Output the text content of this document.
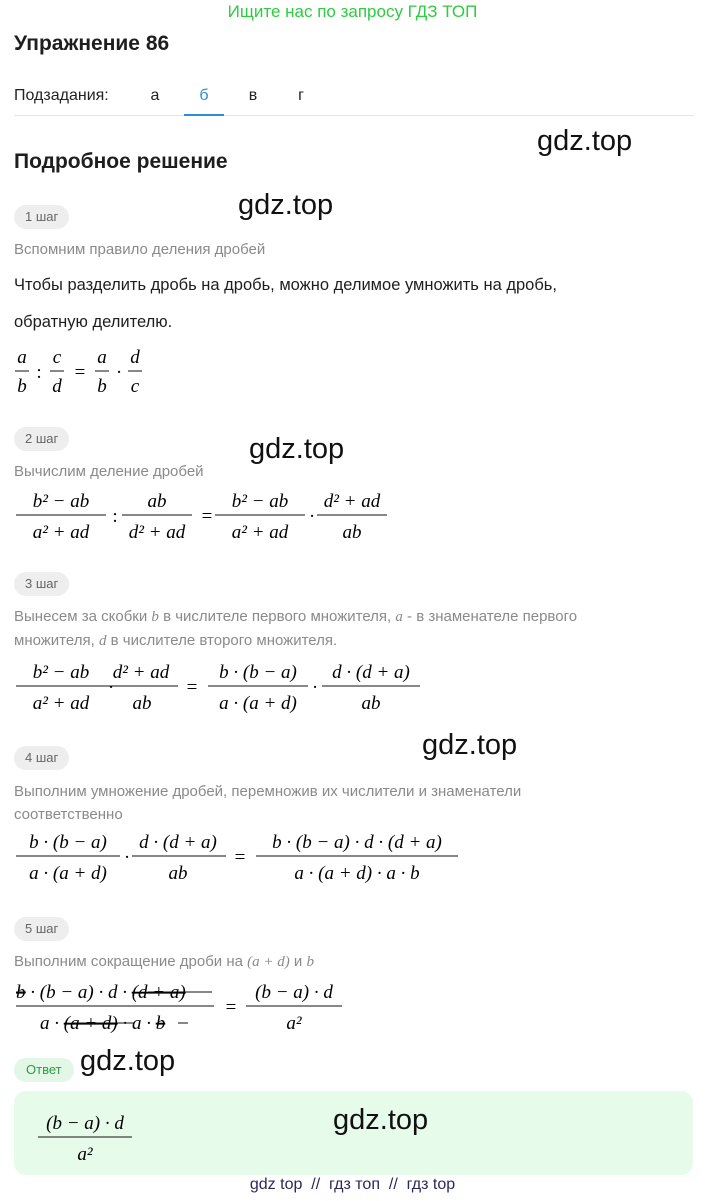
Ищите нас по запросу ГДЗ ТОП
Упражнение 86
Подзадания:	а	б	в	г
gdz.top
Подробное решение
gdz.top
1 шаг
Вспомним правило деления дробей
Чтобы разделить дробь на дробь, можно делимое умножить на дробь,
обратную делителю.
a
b
:
c
d
=
a
b
·
d
c
2 шаг	gdz.top
Вычислим деление дробей
b² − ab
a² + ad
:
ab
d² + ad
=
b² − ab
a² + ad
·
d² + ad
ab
3 шаг
Вынесем за скобки b в числителе первого множителя, a - в знаменателе первого множителя, d в числителе второго множителя.
b² − ab
a² + ad
·
d² + ad
ab
=
b · (b − a)
a · (a + d)
·
d · (d + a)
ab
gdz.top
4 шаг
Выполним умножение дробей, перемножив их числители и знаменатели соответственно
b · (b − a)
a · (a + d)
·
d · (d + a)
ab
=
b · (b − a) · d · (d + a)
a · (a + d) · a · b
5 шаг
Выполним сокращение дроби на (a + d) и b
b · (b − a) · d · (d + a)
a · (a + d) · a · b
=
(b − a) · d
a²
Ответ gdz.top
(b − a) · d
a²
gdz.top
gdz top  //  гдз топ  //  гдз top
